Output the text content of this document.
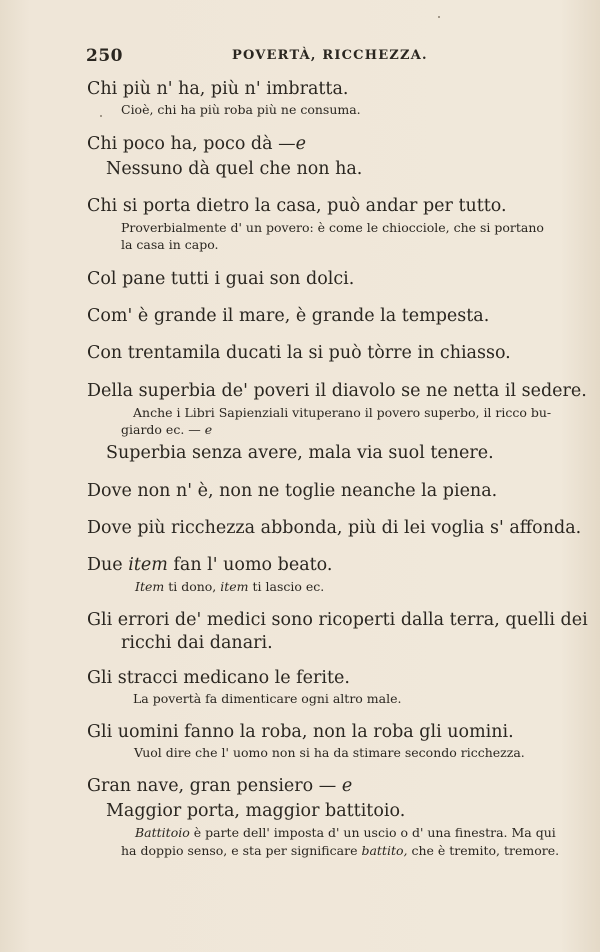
250	POVERTÀ, RICCHEZZA.
Chi più n' ha, più n' imbratta.
Cioè, chi ha più roba più ne consuma.
Chi poco ha, poco dà —e
Nessuno dà quel che non ha.
Chi si porta dietro la casa, può andar per tutto.
Proverbialmente d' un povero: è come le chiocciole, che si portano
la casa in capo.
Col pane tutti i guai son dolci.
Com' è grande il mare, è grande la tempesta.
Con trentamila ducati la si può tòrre in chiasso.
Della superbia de' poveri il diavolo se ne netta il sedere.
Anche i Libri Sapienziali vituperano il povero superbo, il ricco bu-
giardo ec. — e
Superbia senza avere, mala via suol tenere.
Dove non n' è, non ne toglie neanche la piena.
Dove più ricchezza abbonda, più di lei voglia s' affonda.
Due item fan l' uomo beato.
Item ti dono, item ti lascio ec.
Gli errori de' medici sono ricoperti dalla terra, quelli dei
ricchi dai danari.
Gli stracci medicano le ferite.
La povertà fa dimenticare ogni altro male.
Gli uomini fanno la roba, non la roba gli uomini.
Vuol dire che l' uomo non si ha da stimare secondo ricchezza.
Gran nave, gran pensiero — e
Maggior porta, maggior battitoio.
Battitoio è parte dell' imposta d' un uscio o d' una finestra. Ma qui
ha doppio senso, e sta per significare battito, che è tremito, tremore.
